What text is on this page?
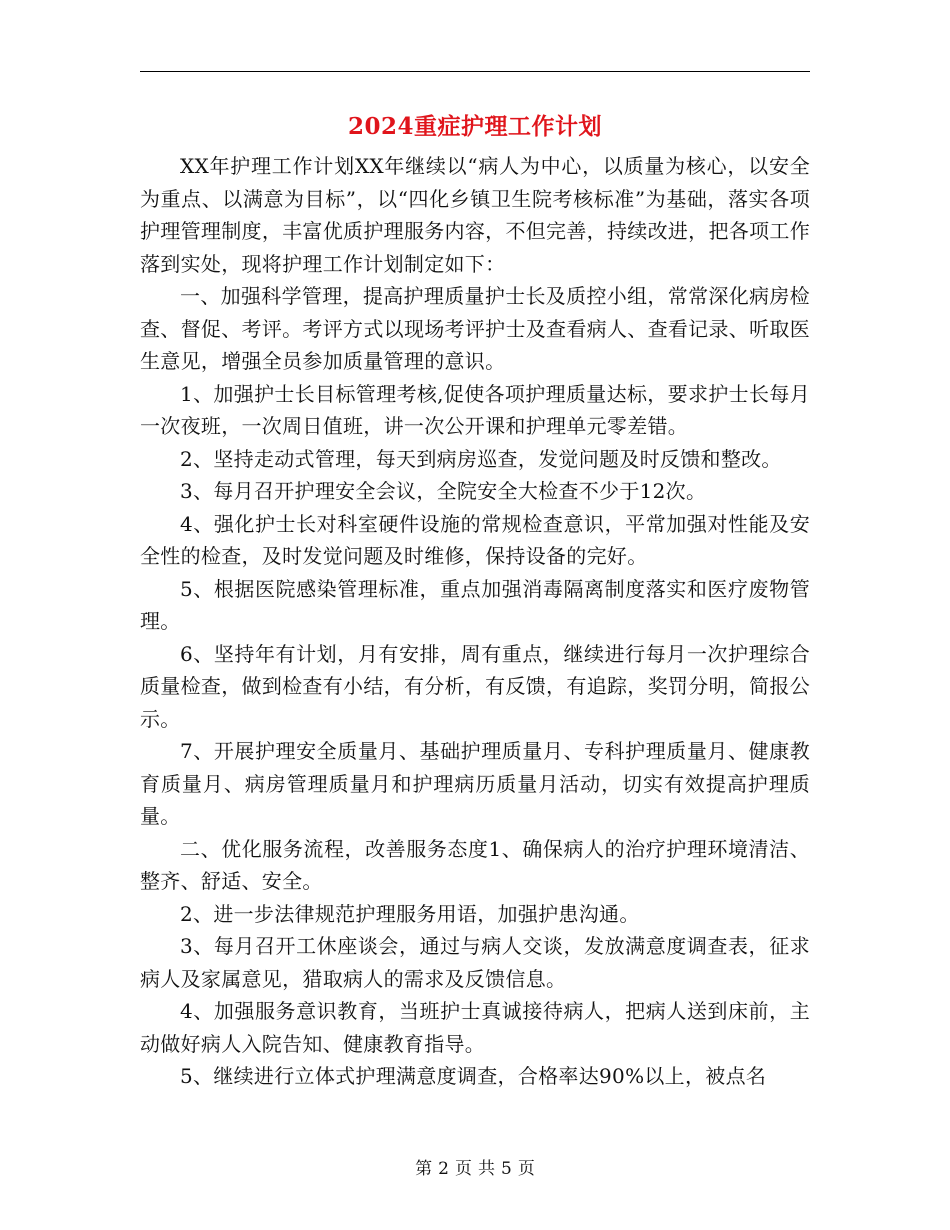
2024重症护理工作计划

XX年护理工作计划XX年继续以“病人为中心，以质量为核心，以安全为重点、以满意为目标”，以“四化乡镇卫生院考核标准”为基础，落实各项护理管理制度，丰富优质护理服务内容，不但完善，持续改进，把各项工作落到实处，现将护理工作计划制定如下：

一、加强科学管理，提高护理质量护士长及质控小组，常常深化病房检查、督促、考评。考评方式以现场考评护士及查看病人、查看记录、听取医生意见，增强全员参加质量管理的意识。

1、加强护士长目标管理考核,促使各项护理质量达标，要求护士长每月一次夜班，一次周日值班，讲一次公开课和护理单元零差错。

2、坚持走动式管理，每天到病房巡查，发觉问题及时反馈和整改。

3、每月召开护理安全会议，全院安全大检查不少于12次。

4、强化护士长对科室硬件设施的常规检查意识，平常加强对性能及安全性的检查，及时发觉问题及时维修，保持设备的完好。

5、根据医院感染管理标准，重点加强消毒隔离制度落实和医疗废物管理。

6、坚持年有计划，月有安排，周有重点，继续进行每月一次护理综合质量检查，做到检查有小结，有分析，有反馈，有追踪，奖罚分明，简报公示。

7、开展护理安全质量月、基础护理质量月、专科护理质量月、健康教育质量月、病房管理质量月和护理病历质量月活动，切实有效提高护理质量。

二、优化服务流程，改善服务态度1、确保病人的治疗护理环境清洁、整齐、舒适、安全。

2、进一步法律规范护理服务用语，加强护患沟通。

3、每月召开工休座谈会，通过与病人交谈，发放满意度调查表，征求病人及家属意见，猎取病人的需求及反馈信息。

4、加强服务意识教育，当班护士真诚接待病人，把病人送到床前，主动做好病人入院告知、健康教育指导。

5、继续进行立体式护理满意度调查，合格率达90%以上，被点名

第 2 页 共 5 页
